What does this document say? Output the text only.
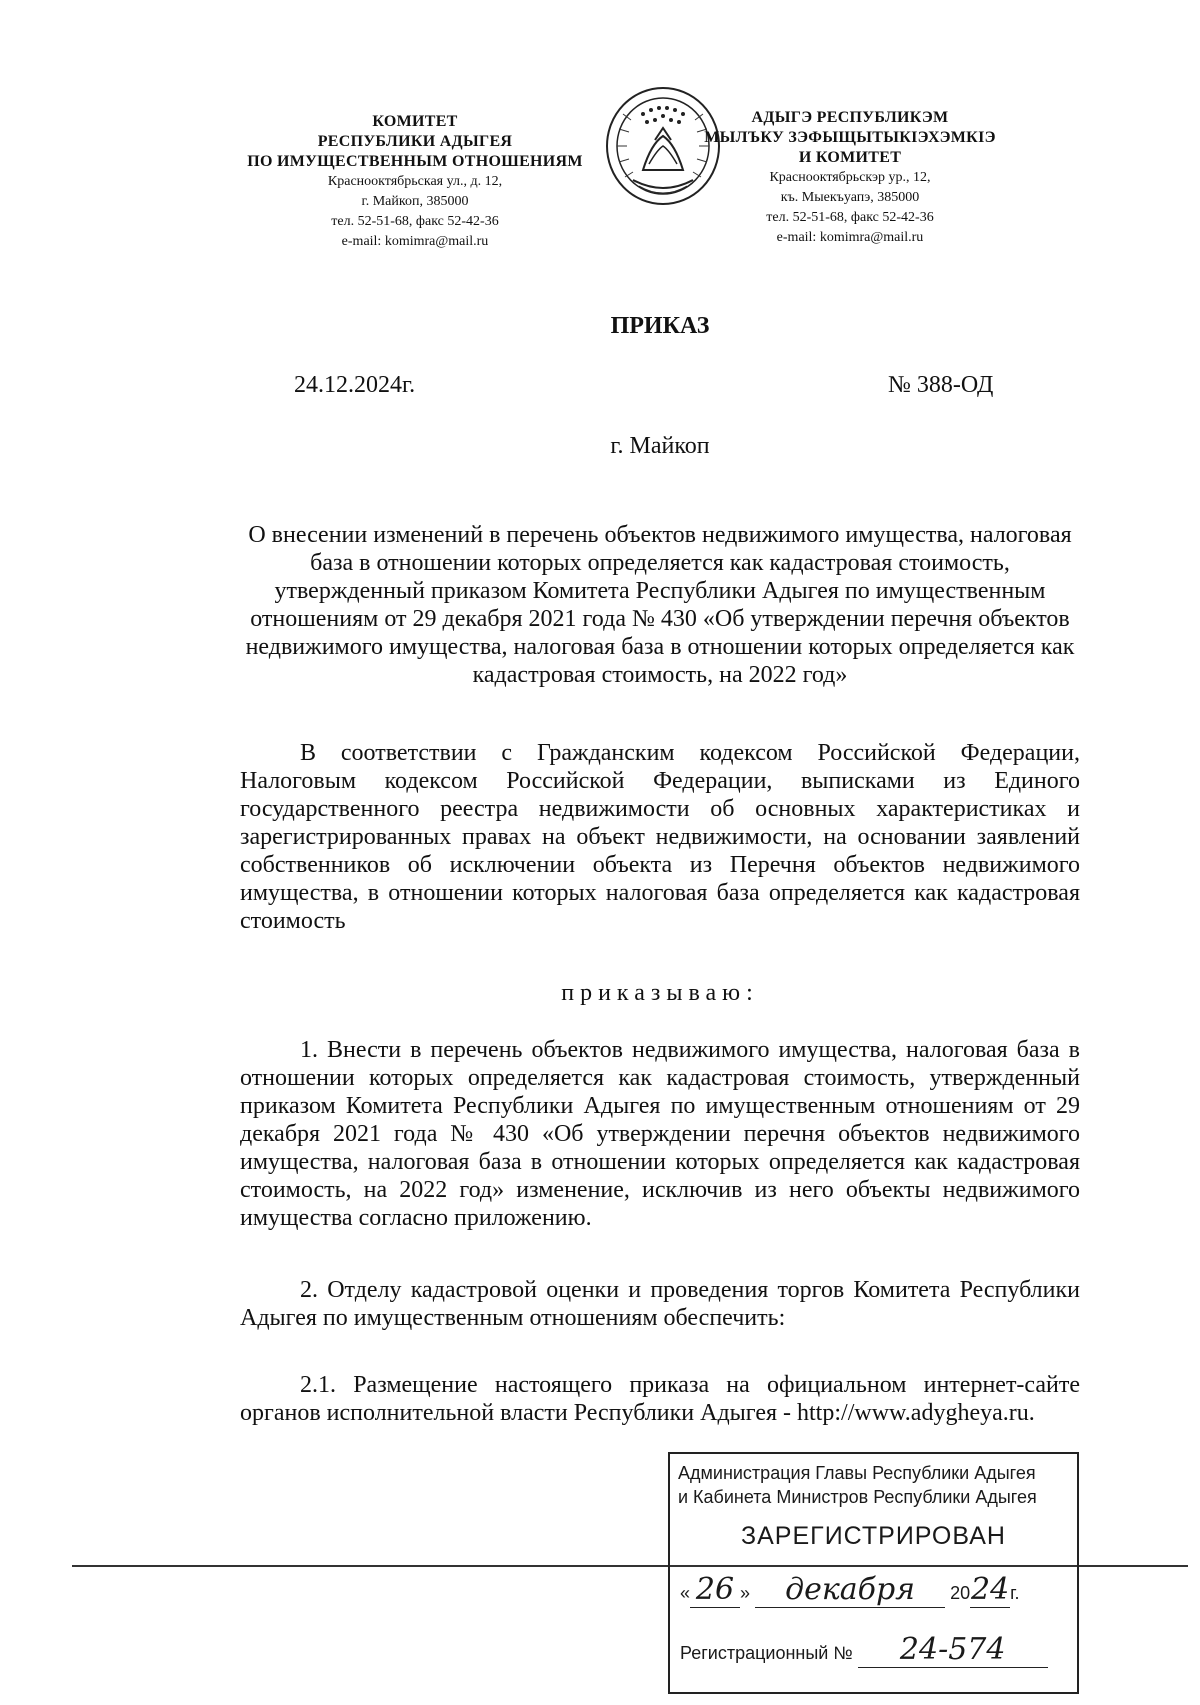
КОМИТЕТ
РЕСПУБЛИКИ АДЫГЕЯ
ПО ИМУЩЕСТВЕННЫМ ОТНОШЕНИЯМ
Краснооктябрьская ул., д. 12,
г. Майкоп, 385000
тел. 52-51-68, факс 52-42-36
e-mail: komimra@mail.ru
АДЫГЭ РЕСПУБЛИКЭМ
МЫЛЪКУ ЗЭФЫЩЫТЫКIЭХЭМКIЭ
И КОМИТЕТ
Краснооктябрьскэр ур., 12,
къ. Мыекъуапэ, 385000
тел. 52-51-68, факс 52-42-36
e-mail: komimra@mail.ru
ПРИКАЗ
24.12.2024г.	№ 388-ОД
г. Майкоп
О внесении изменений в перечень объектов недвижимого имущества, налоговая база в отношении которых определяется как кадастровая стоимость, утвержденный приказом Комитета Республики Адыгея по имущественным отношениям от 29 декабря 2021 года № 430 «Об утверждении перечня объектов недвижимого имущества, налоговая база в отношении которых определяется как кадастровая стоимость, на 2022 год»
В соответствии с Гражданским кодексом Российской Федерации, Налоговым кодексом Российской Федерации, выписками из Единого государственного реестра недвижимости об основных характеристиках и зарегистрированных правах на объект недвижимости, на основании заявлений собственников об исключении объекта из Перечня объектов недвижимого имущества, в отношении которых налоговая база определяется как кадастровая стоимость
приказываю:
1. Внести в перечень объектов недвижимого имущества, налоговая база в отношении которых определяется как кадастровая стоимость, утвержденный приказом Комитета Республики Адыгея по имущественным отношениям от 29 декабря 2021 года № 430 «Об утверждении перечня объектов недвижимого имущества, налоговая база в отношении которых определяется как кадастровая стоимость, на 2022 год» изменение, исключив из него объекты недвижимого имущества согласно приложению.
2. Отделу кадастровой оценки и проведения торгов Комитета Республики Адыгея по имущественным отношениям обеспечить:
2.1. Размещение настоящего приказа на официальном интернет-сайте органов исполнительной власти Республики Адыгея - http://www.adygheya.ru.
Администрация Главы Республики Адыгея
и Кабинета Министров Республики Адыгея
ЗАРЕГИСТРИРОВАН
« 26 » декабря 2024г.
Регистрационный № 24-574
